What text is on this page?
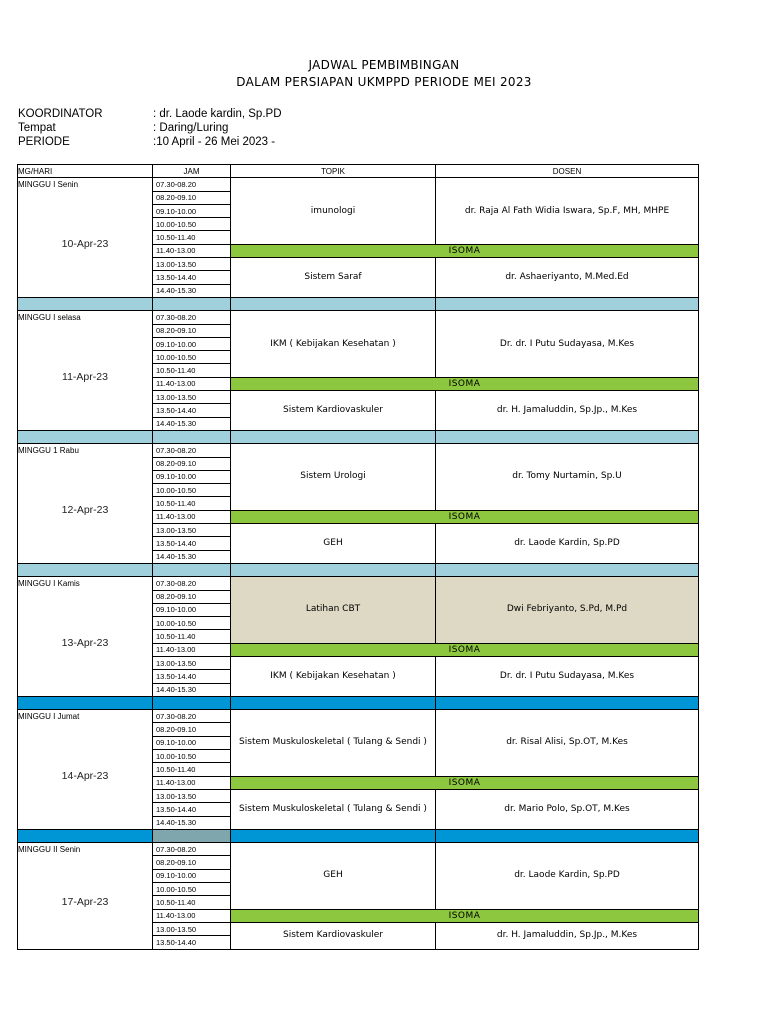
JADWAL PEMBIMBINGAN
DALAM PERSIAPAN UKMPPD PERIODE MEI 2023
KOORDINATOR	: dr. Laode kardin, Sp.PD
Tempat	: Daring/Luring
PERIODE	:10 April - 26 Mei 2023 -
MG/HARI	JAM	TOPIK	DOSEN
MINGGU I Senin	07.30-08.20	imunologi	dr. Raja Al Fath Widia Iswara, Sp.F, MH, MHPE
10-Apr-23	08.20-09.10		
	09.10-10.00		
	10.00-10.50		
	10.50-11.40		
	11.40-13.00	ISOMA	
	13.00-13.50	Sistem Saraf	dr. Ashaeriyanto, M.Med.Ed
	13.50-14.40		
	14.40-15.30		

MINGGU I selasa	07.30-08.20	IKM ( Kebijakan Kesehatan )	Dr. dr. I Putu Sudayasa, M.Kes
11-Apr-23	08.20-09.10		
	09.10-10.00		
	10.00-10.50		
	10.50-11.40		
	11.40-13.00	ISOMA	
	13.00-13.50	Sistem Kardiovaskuler	dr. H. Jamaluddin, Sp.Jp., M.Kes
	13.50-14.40		
	14.40-15.30		

MINGGU 1 Rabu	07.30-08.20	Sistem Urologi	dr. Tomy Nurtamin, Sp.U
12-Apr-23	08.20-09.10		
	09.10-10.00		
	10.00-10.50		
	10.50-11.40		
	11.40-13.00	ISOMA	
	13.00-13.50	GEH	dr. Laode Kardin, Sp.PD
	13.50-14.40		
	14.40-15.30		

MINGGU I Kamis	07.30-08.20	Latihan CBT	Dwi Febriyanto, S.Pd, M.Pd
13-Apr-23	08.20-09.10		
	09.10-10.00		
	10.00-10.50		
	10.50-11.40		
	11.40-13.00	ISOMA	
	13.00-13.50	IKM ( Kebijakan Kesehatan )	Dr. dr. I Putu Sudayasa, M.Kes
	13.50-14.40		
	14.40-15.30		

MINGGU I Jumat	07.30-08.20	Sistem Muskuloskeletal ( Tulang & Sendi )	dr. Risal Alisi, Sp.OT, M.Kes
14-Apr-23	08.20-09.10		
	09.10-10.00		
	10.00-10.50		
	10.50-11.40		
	11.40-13.00	ISOMA	
	13.00-13.50	Sistem Muskuloskeletal ( Tulang & Sendi )	dr. Mario Polo, Sp.OT, M.Kes
	13.50-14.40		
	14.40-15.30		

MINGGU II Senin	07.30-08.20	GEH	dr. Laode Kardin, Sp.PD
17-Apr-23	08.20-09.10		
	09.10-10.00		
	10.00-10.50		
	10.50-11.40		
	11.40-13.00	ISOMA	
	13.00-13.50	Sistem Kardiovaskuler	dr. H. Jamaluddin, Sp.Jp., M.Kes
	13.50-14.40		
